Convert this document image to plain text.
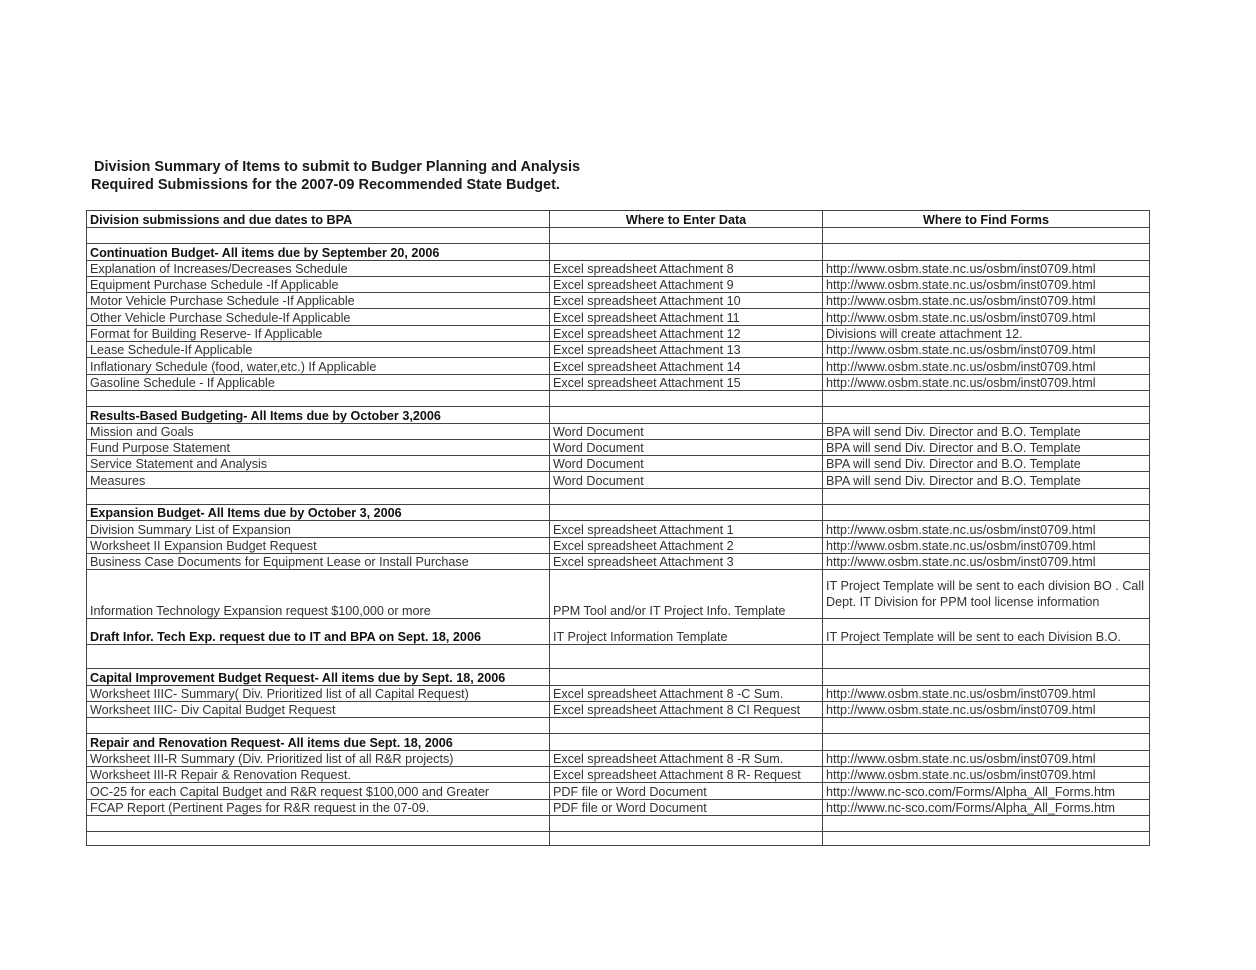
Division Summary of Items to submit to Budger Planning and Analysis
Required Submissions for the 2007-09 Recommended State Budget.
Division submissions and due dates to BPA	Where to Enter Data	Where to Find Forms

Continuation Budget- All items due by September 20, 2006		
Explanation of Increases/Decreases Schedule	Excel spreadsheet Attachment 8	http://www.osbm.state.nc.us/osbm/inst0709.html
Equipment Purchase Schedule -If Applicable	Excel spreadsheet Attachment 9	http://www.osbm.state.nc.us/osbm/inst0709.html
Motor Vehicle Purchase Schedule -If Applicable	Excel spreadsheet Attachment 10	http://www.osbm.state.nc.us/osbm/inst0709.html
Other Vehicle Purchase Schedule-If Applicable	Excel spreadsheet Attachment 11	http://www.osbm.state.nc.us/osbm/inst0709.html
Format for Building Reserve- If Applicable	Excel spreadsheet Attachment 12	Divisions will create attachment 12.
Lease Schedule-If Applicable	Excel spreadsheet Attachment 13	http://www.osbm.state.nc.us/osbm/inst0709.html
Inflationary Schedule (food, water,etc.) If Applicable	Excel spreadsheet Attachment 14	http://www.osbm.state.nc.us/osbm/inst0709.html
Gasoline Schedule - If Applicable	Excel spreadsheet Attachment 15	http://www.osbm.state.nc.us/osbm/inst0709.html

Results-Based Budgeting- All Items due by October 3,2006		
Mission and Goals	Word Document	BPA will send Div. Director and B.O. Template
Fund Purpose Statement	Word Document	BPA will send Div. Director and B.O. Template
Service Statement and Analysis	Word Document	BPA will send Div. Director and B.O. Template
Measures	Word Document	BPA will send Div. Director and B.O. Template

Expansion Budget- All Items due by October 3, 2006		
Division Summary List of Expansion	Excel spreadsheet Attachment 1	http://www.osbm.state.nc.us/osbm/inst0709.html
Worksheet II Expansion Budget Request	Excel spreadsheet Attachment 2	http://www.osbm.state.nc.us/osbm/inst0709.html
Business Case Documents for Equipment Lease or Install Purchase	Excel spreadsheet Attachment 3	http://www.osbm.state.nc.us/osbm/inst0709.html
Information Technology Expansion request $100,000 or more	PPM Tool and/or IT Project Info. Template	IT Project Template will be sent to each division BO . Call Dept. IT Division for PPM tool license information
Draft Infor. Tech Exp. request due to IT and BPA on Sept. 18, 2006	IT Project Information Template	IT Project Template will be sent to each Division B.O.

Capital Improvement Budget Request- All items due by Sept. 18, 2006		
Worksheet IIIC- Summary( Div. Prioritized list of all Capital Request)	Excel spreadsheet Attachment 8 -C Sum.	http://www.osbm.state.nc.us/osbm/inst0709.html
Worksheet IIIC- Div Capital Budget Request	Excel spreadsheet Attachment 8 CI Request	http://www.osbm.state.nc.us/osbm/inst0709.html

Repair and Renovation Request- All items due Sept. 18, 2006		
Worksheet III-R Summary (Div. Prioritized list of all R&R projects)	Excel spreadsheet Attachment 8 -R Sum.	http://www.osbm.state.nc.us/osbm/inst0709.html
Worksheet III-R Repair & Renovation Request.	Excel spreadsheet Attachment 8 R- Request	http://www.osbm.state.nc.us/osbm/inst0709.html
OC-25 for each Capital Budget and R&R request $100,000 and Greater	PDF file or Word Document	http://www.nc-sco.com/Forms/Alpha_All_Forms.htm
FCAP Report (Pertinent Pages for R&R request in the 07-09.	PDF file or Word Document	http://www.nc-sco.com/Forms/Alpha_All_Forms.htm
